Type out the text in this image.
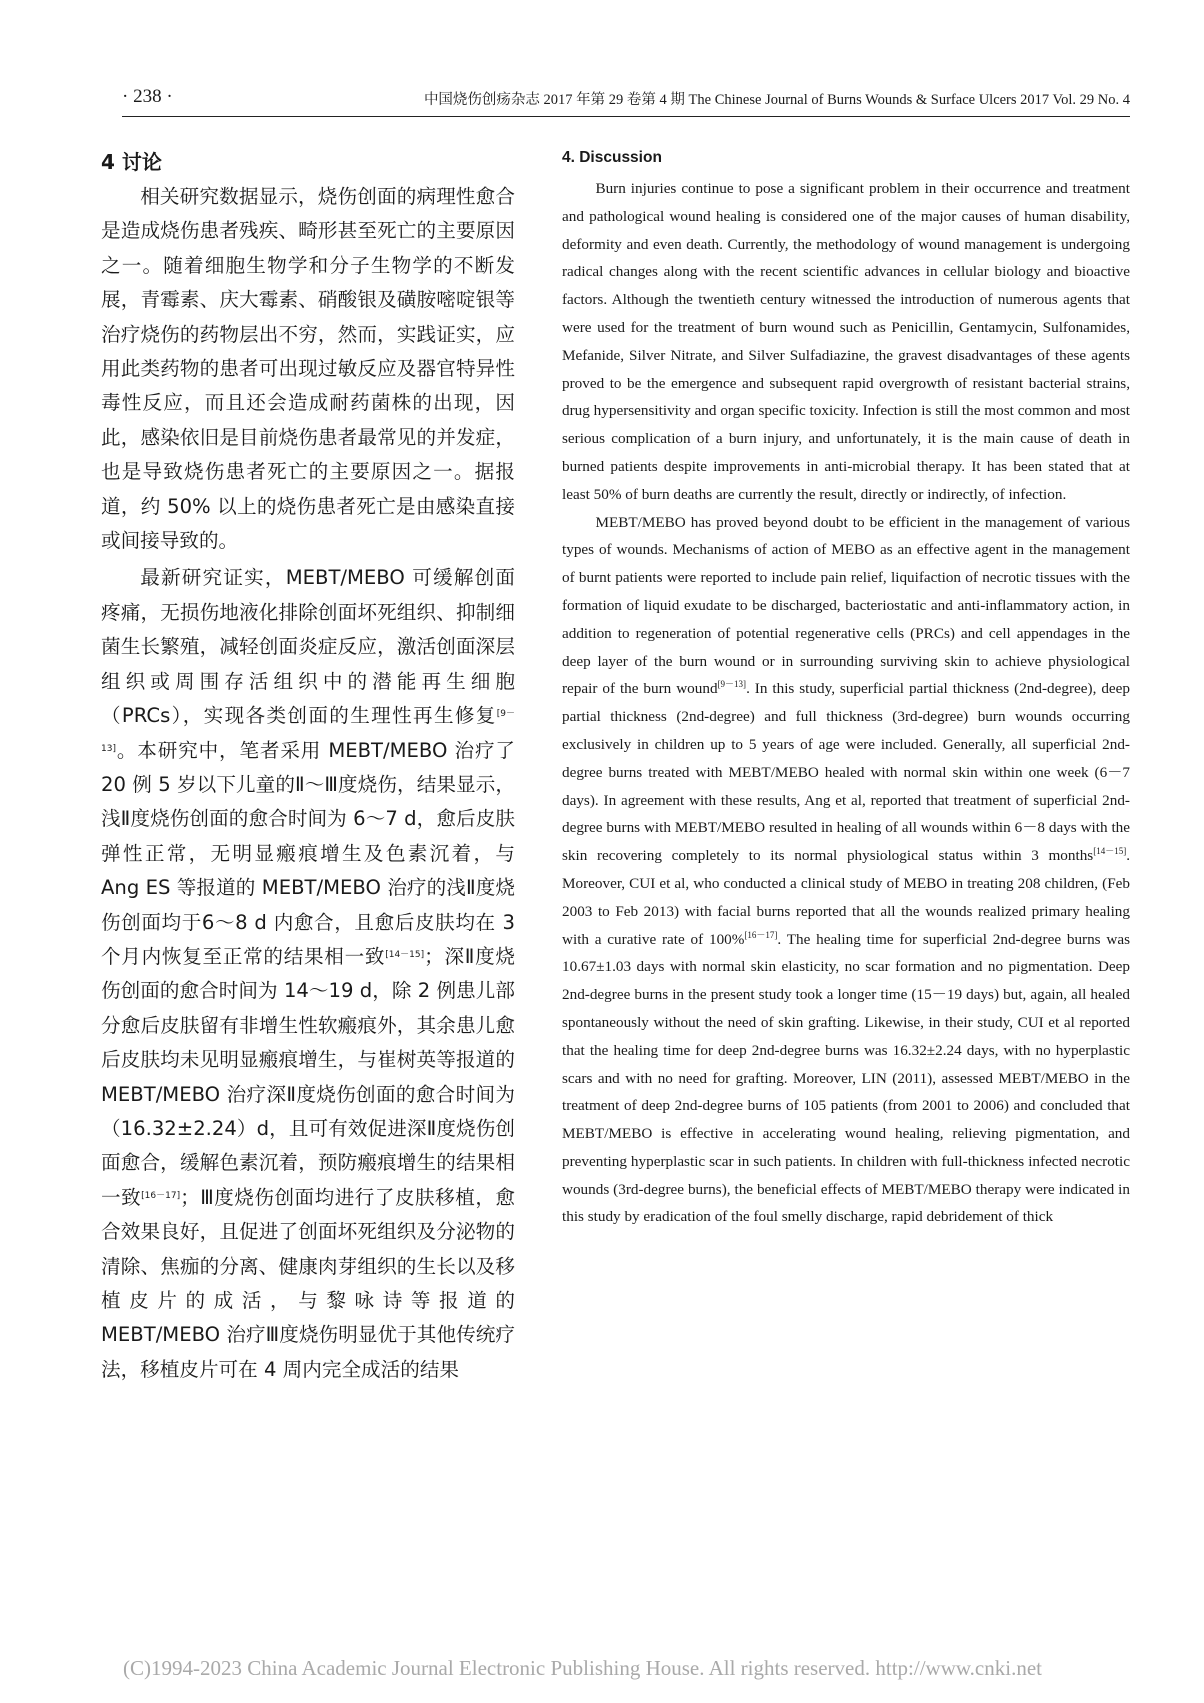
· 238 ·	中国烧伤创疡杂志 2017 年第 29 卷第 4 期 The Chinese Journal of Burns Wounds & Surface Ulcers 2017 Vol. 29 No. 4
4 讨论

相关研究数据显示，烧伤创面的病理性愈合是造成烧伤患者残疾、畸形甚至死亡的主要原因之一。随着细胞生物学和分子生物学的不断发展，青霉素、庆大霉素、硝酸银及磺胺嘧啶银等治疗烧伤的药物层出不穷，然而，实践证实，应用此类药物的患者可出现过敏反应及器官特异性毒性反应，而且还会造成耐药菌株的出现，因此，感染依旧是目前烧伤患者最常见的并发症，也是导致烧伤患者死亡的主要原因之一。据报道，约 50% 以上的烧伤患者死亡是由感染直接或间接导致的。

最新研究证实，MEBT/MEBO 可缓解创面疼痛，无损伤地液化排除创面坏死组织、抑制细菌生长繁殖，减轻创面炎症反应，激活创面深层组织或周围存活组织中的潜能再生细胞（PRCs），实现各类创面的生理性再生修复[9－13]。本研究中，笔者采用 MEBT/MEBO 治疗了 20 例 5 岁以下儿童的Ⅱ～Ⅲ度烧伤，结果显示，浅Ⅱ度烧伤创面的愈合时间为 6～7 d，愈后皮肤弹性正常，无明显瘢痕增生及色素沉着，与 Ang ES 等报道的 MEBT/MEBO 治疗的浅Ⅱ度烧伤创面均于6～8 d 内愈合，且愈后皮肤均在 3 个月内恢复至正常的结果相一致[14－15]；深Ⅱ度烧伤创面的愈合时间为 14～19 d，除 2 例患儿部分愈后皮肤留有非增生性软瘢痕外，其余患儿愈后皮肤均未见明显瘢痕增生，与崔树英等报道的 MEBT/MEBO 治疗深Ⅱ度烧伤创面的愈合时间为（16.32±2.24）d，且可有效促进深Ⅱ度烧伤创面愈合，缓解色素沉着，预防瘢痕增生的结果相一致[16－17]；Ⅲ度烧伤创面均进行了皮肤移植，愈合效果良好，且促进了创面坏死组织及分泌物的清除、焦痂的分离、健康肉芽组织的生长以及移植皮片的成活，与黎咏诗等报道的 MEBT/MEBO 治疗Ⅲ度烧伤明显优于其他传统疗法，移植皮片可在 4 周内完全成活的结果

4. Discussion

Burn injuries continue to pose a significant problem in their occurrence and treatment and pathological wound healing is considered one of the major causes of human disability, deformity and even death. Currently, the methodology of wound management is undergoing radical changes along with the recent scientific advances in cellular biology and bioactive factors. Although the twentieth century witnessed the introduction of numerous agents that were used for the treatment of burn wound such as Penicillin, Gentamycin, Sulfonamides, Mefanide, Silver Nitrate, and Silver Sulfadiazine, the gravest disadvantages of these agents proved to be the emergence and subsequent rapid overgrowth of resistant bacterial strains, drug hypersensitivity and organ specific toxicity. Infection is still the most common and most serious complication of a burn injury, and unfortunately, it is the main cause of death in burned patients despite improvements in anti-microbial therapy. It has been stated that at least 50% of burn deaths are currently the result, directly or indirectly, of infection.

MEBT/MEBO has proved beyond doubt to be efficient in the management of various types of wounds. Mechanisms of action of MEBO as an effective agent in the management of burnt patients were reported to include pain relief, liquifaction of necrotic tissues with the formation of liquid exudate to be discharged, bacteriostatic and anti-inflammatory action, in addition to regeneration of potential regenerative cells (PRCs) and cell appendages in the deep layer of the burn wound or in surrounding surviving skin to achieve physiological repair of the burn wound[9－13]. In this study, superficial partial thickness (2nd-degree), deep partial thickness (2nd-degree) and full thickness (3rd-degree) burn wounds occurring exclusively in children up to 5 years of age were included. Generally, all superficial 2nd-degree burns treated with MEBT/MEBO healed with normal skin within one week (6－7 days). In agreement with these results, Ang et al, reported that treatment of superficial 2nd-degree burns with MEBT/MEBO resulted in healing of all wounds within 6－8 days with the skin recovering completely to its normal physiological status within 3 months[14－15]. Moreover, CUI et al, who conducted a clinical study of MEBO in treating 208 children, (Feb 2003 to Feb 2013) with facial burns reported that all the wounds realized primary healing with a curative rate of 100%[16－17]. The healing time for superficial 2nd-degree burns was 10.67±1.03 days with normal skin elasticity, no scar formation and no pigmentation. Deep 2nd-degree burns in the present study took a longer time (15－19 days) but, again, all healed spontaneously without the need of skin grafting. Likewise, in their study, CUI et al reported that the healing time for deep 2nd-degree burns was 16.32±2.24 days, with no hyperplastic scars and with no need for grafting. Moreover, LIN (2011), assessed MEBT/MEBO in the treatment of deep 2nd-degree burns of 105 patients (from 2001 to 2006) and concluded that MEBT/MEBO is effective in accelerating wound healing, relieving pigmentation, and preventing hyperplastic scar in such patients. In children with full-thickness infected necrotic wounds (3rd-degree burns), the beneficial effects of MEBT/MEBO therapy were indicated in this study by eradication of the foul smelly discharge, rapid debridement of thick

(C)1994-2023 China Academic Journal Electronic Publishing House. All rights reserved. http://www.cnki.net
